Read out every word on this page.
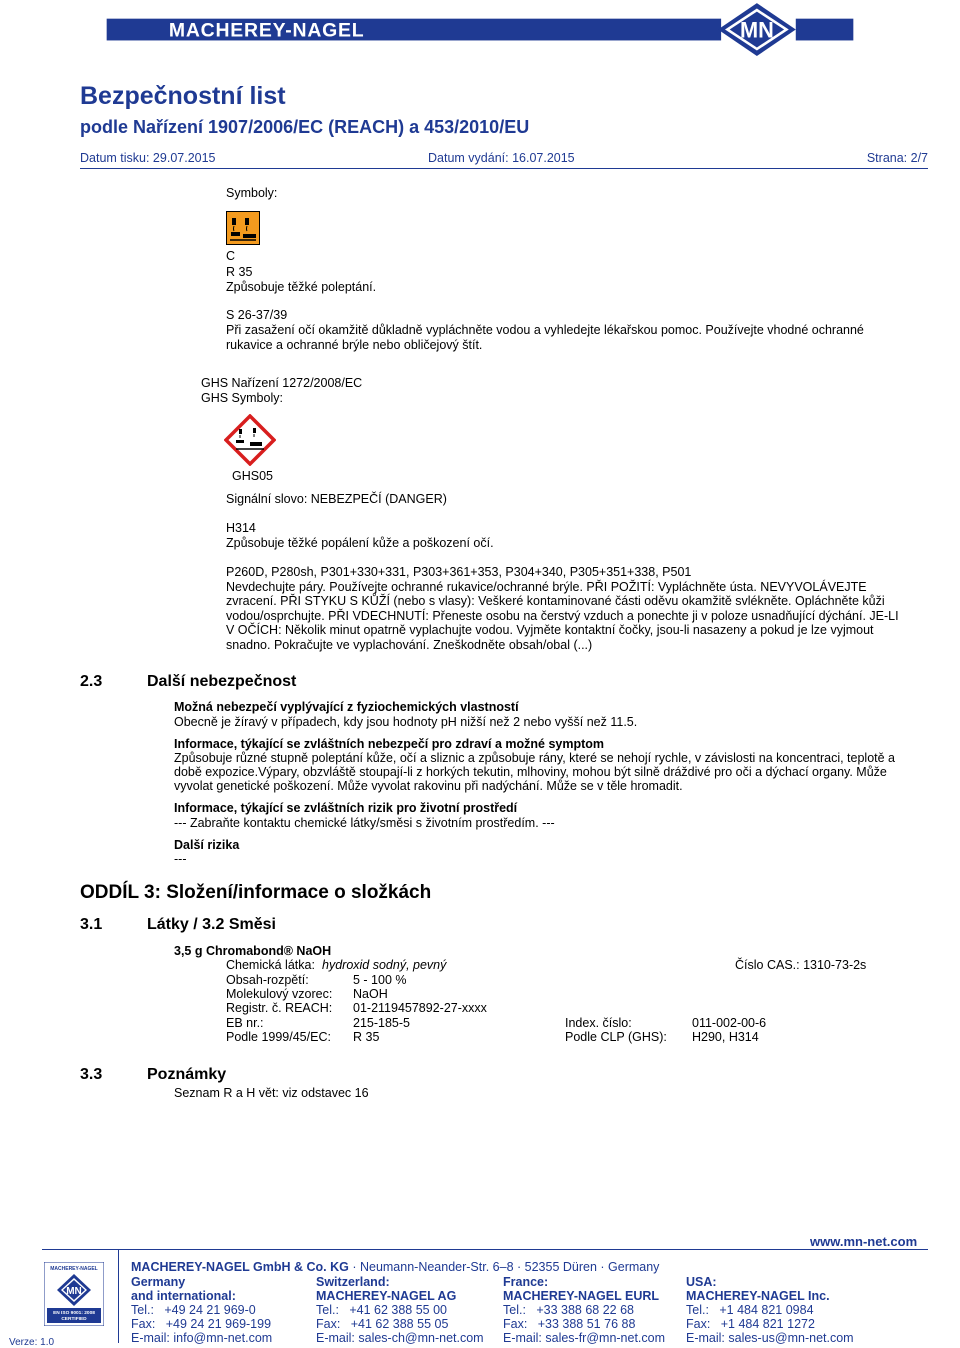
MACHEREY-NAGEL	MN
Bezpečnostní list
podle Nařízení 1907/2006/EC (REACH) a 453/2010/EU
Datum tisku: 29.07.2015	Datum vydání: 16.07.2015	Strana: 2/7
Symboly:
C
R 35
Způsobuje těžké poleptání.
S 26-37/39
Při zasažení očí okamžitě důkladně vypláchněte vodou a vyhledejte lékařskou pomoc. Používejte vhodné ochranné
rukavice a ochranné brýle nebo obličejový štít.
GHS Nařízení 1272/2008/EC
GHS Symboly:
GHS05
Signální slovo: NEBEZPEČÍ (DANGER)
H314
Způsobuje těžké popálení kůže a poškození očí.
P260D, P280sh, P301+330+331, P303+361+353, P304+340, P305+351+338, P501
Nevdechujte páry. Používejte ochranné rukavice/ochranné brýle. PŘI POŽITÍ: Vypláchněte ústa. NEVYVOLÁVEJTE
zvracení. PŘI STYKU S KŮŽÍ (nebo s vlasy): Veškeré kontaminované části oděvu okamžitě svlékněte. Opláchněte kůži
vodou/osprchujte. PŘI VDECHNUTÍ: Přeneste osobu na čerstvý vzduch a ponechte ji v poloze usnadňující dýchání. JE-LI
V OČÍCH: Několik minut opatrně vyplachujte vodou. Vyjměte kontaktní čočky, jsou-li nasazeny a pokud je lze vyjmout
snadno. Pokračujte ve vyplachování. Zneškodněte obsah/obal (...)
2.3	Další nebezpečnost
Možná nebezpečí vyplývající z fyziochemických vlastností
Obecně je žíravý v případech, kdy jsou hodnoty pH nižší než 2 nebo vyšší než 11.5.
Informace, týkající se zvláštních nebezpečí pro zdraví a možné symptom
Způsobuje různé stupně poleptání kůže, očí a sliznic a způsobuje rány, které se nehojí rychle, v závislosti na koncentraci, teplotě a
době expozice.Výpary, obzvláště stoupají-li z horkých tekutin, mlhoviny, mohou být silně dráždivé pro oči a dýchací organy. Může
vyvolat genetické poškození. Může vyvolat rakovinu při nadýchání. Může se v těle hromadit.
Informace, týkající se zvláštních rizik pro životní prostředí
--- Zabraňte kontaktu chemické látky/směsi s životním prostředím. ---
Další rizika
---
ODDÍL 3: Složení/informace o složkách
3.1	Látky / 3.2 Směsi
3,5 g Chromabond® NaOH
Chemická látka: hydroxid sodný, pevný	Číslo CAS.: 1310-73-2s
Obsah-rozpětí:	5 - 100 %
Molekulový vzorec: NaOH
Registr. č. REACH: 01-2119457892-27-xxxx
EB nr.:	215-185-5	Index. číslo:	011-002-00-6
Podle 1999/45/EC: R 35	Podle CLP (GHS): H290, H314
3.3	Poznámky
Seznam R a H vět: viz odstavec 16
MACHEREY-NAGEL
MN
EN ISO 9001: 2008
CERTIFIED
Verze: 1.0
www.mn-net.com
MACHEREY-NAGEL GmbH & Co. KG · Neumann-Neander-Str. 6–8 · 52355 Düren · Germany
Germany
and international:
Tel.:   +49 24 21 969-0
Fax:   +49 24 21 969-199
E-mail: info@mn-net.com
Switzerland:
MACHEREY-NAGEL AG
Tel.:   +41 62 388 55 00
Fax:   +41 62 388 55 05
E-mail: sales-ch@mn-net.com
France:
MACHEREY-NAGEL EURL
Tel.:   +33 388 68 22 68
Fax:   +33 388 51 76 88
E-mail: sales-fr@mn-net.com
USA:
MACHEREY-NAGEL Inc.
Tel.:   +1 484 821 0984
Fax:   +1 484 821 1272
E-mail: sales-us@mn-net.com
